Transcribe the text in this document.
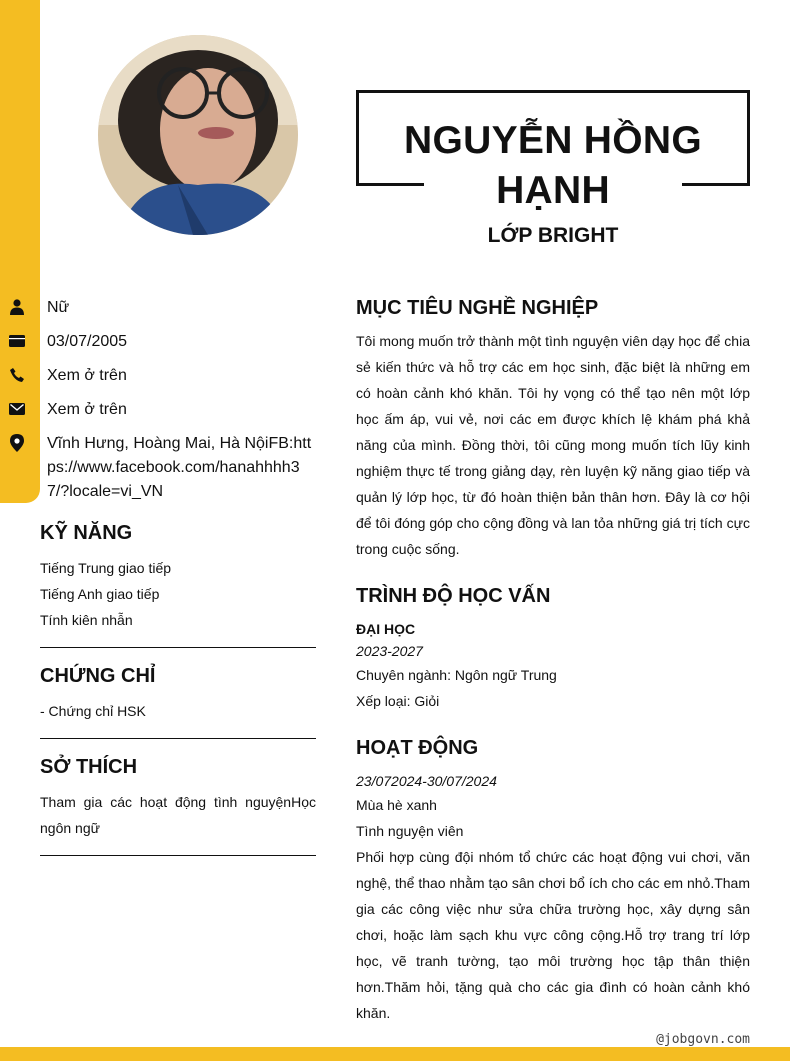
NGUYỄN HỒNG HẠNH
LỚP BRIGHT
Nữ
03/07/2005
Xem ở trên
Xem ở trên
Vĩnh Hưng, Hoàng Mai, Hà NộiFB:https://www.facebook.com/hanahhhh37/?locale=vi_VN
KỸ NĂNG
Tiếng Trung giao tiếp
Tiếng Anh giao tiếp
Tính kiên nhẫn
CHỨNG CHỈ
- Chứng chỉ HSK
SỞ THÍCH
Tham gia các hoạt động tình nguyệnHọc ngôn ngữ
MỤC TIÊU NGHỀ NGHIỆP
Tôi mong muốn trở thành một tình nguyện viên dạy học để chia sẻ kiến thức và hỗ trợ các em học sinh, đặc biệt là những em có hoàn cảnh khó khăn. Tôi hy vọng có thể tạo nên một lớp học ấm áp, vui vẻ, nơi các em được khích lệ khám phá khả năng của mình. Đồng thời, tôi cũng mong muốn tích lũy kinh nghiệm thực tế trong giảng dạy, rèn luyện kỹ năng giao tiếp và quản lý lớp học, từ đó hoàn thiện bản thân hơn. Đây là cơ hội để tôi đóng góp cho cộng đồng và lan tỏa những giá trị tích cực trong cuộc sống.
TRÌNH ĐỘ HỌC VẤN
ĐẠI HỌC
2023-2027
Chuyên ngành: Ngôn ngữ Trung
Xếp loại: Giỏi
HOẠT ĐỘNG
23/072024-30/07/2024
Mùa hè xanh
Tình nguyện viên
Phối hợp cùng đội nhóm tổ chức các hoạt động vui chơi, văn nghệ, thể thao nhằm tạo sân chơi bổ ích cho các em nhỏ.Tham gia các công việc như sửa chữa trường học, xây dựng sân chơi, hoặc làm sạch khu vực công cộng.Hỗ trợ trang trí lớp học, vẽ tranh tường, tạo môi trường học tập thân thiện hơn.Thăm hỏi, tặng quà cho các gia đình có hoàn cảnh khó khăn.
@jobgovn.com
